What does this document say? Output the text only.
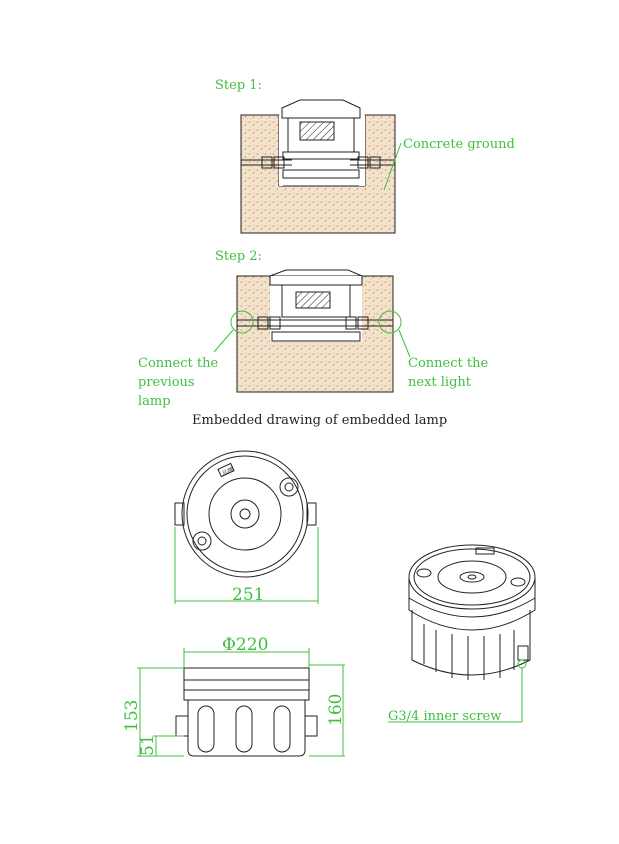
Step 1:
Concrete ground
Step 2:
Connect the
previous
lamp
Connect the
next light
Embedded drawing of embedded lamp
品牌
251
Φ220
160
153
51
G3/4 inner screw
